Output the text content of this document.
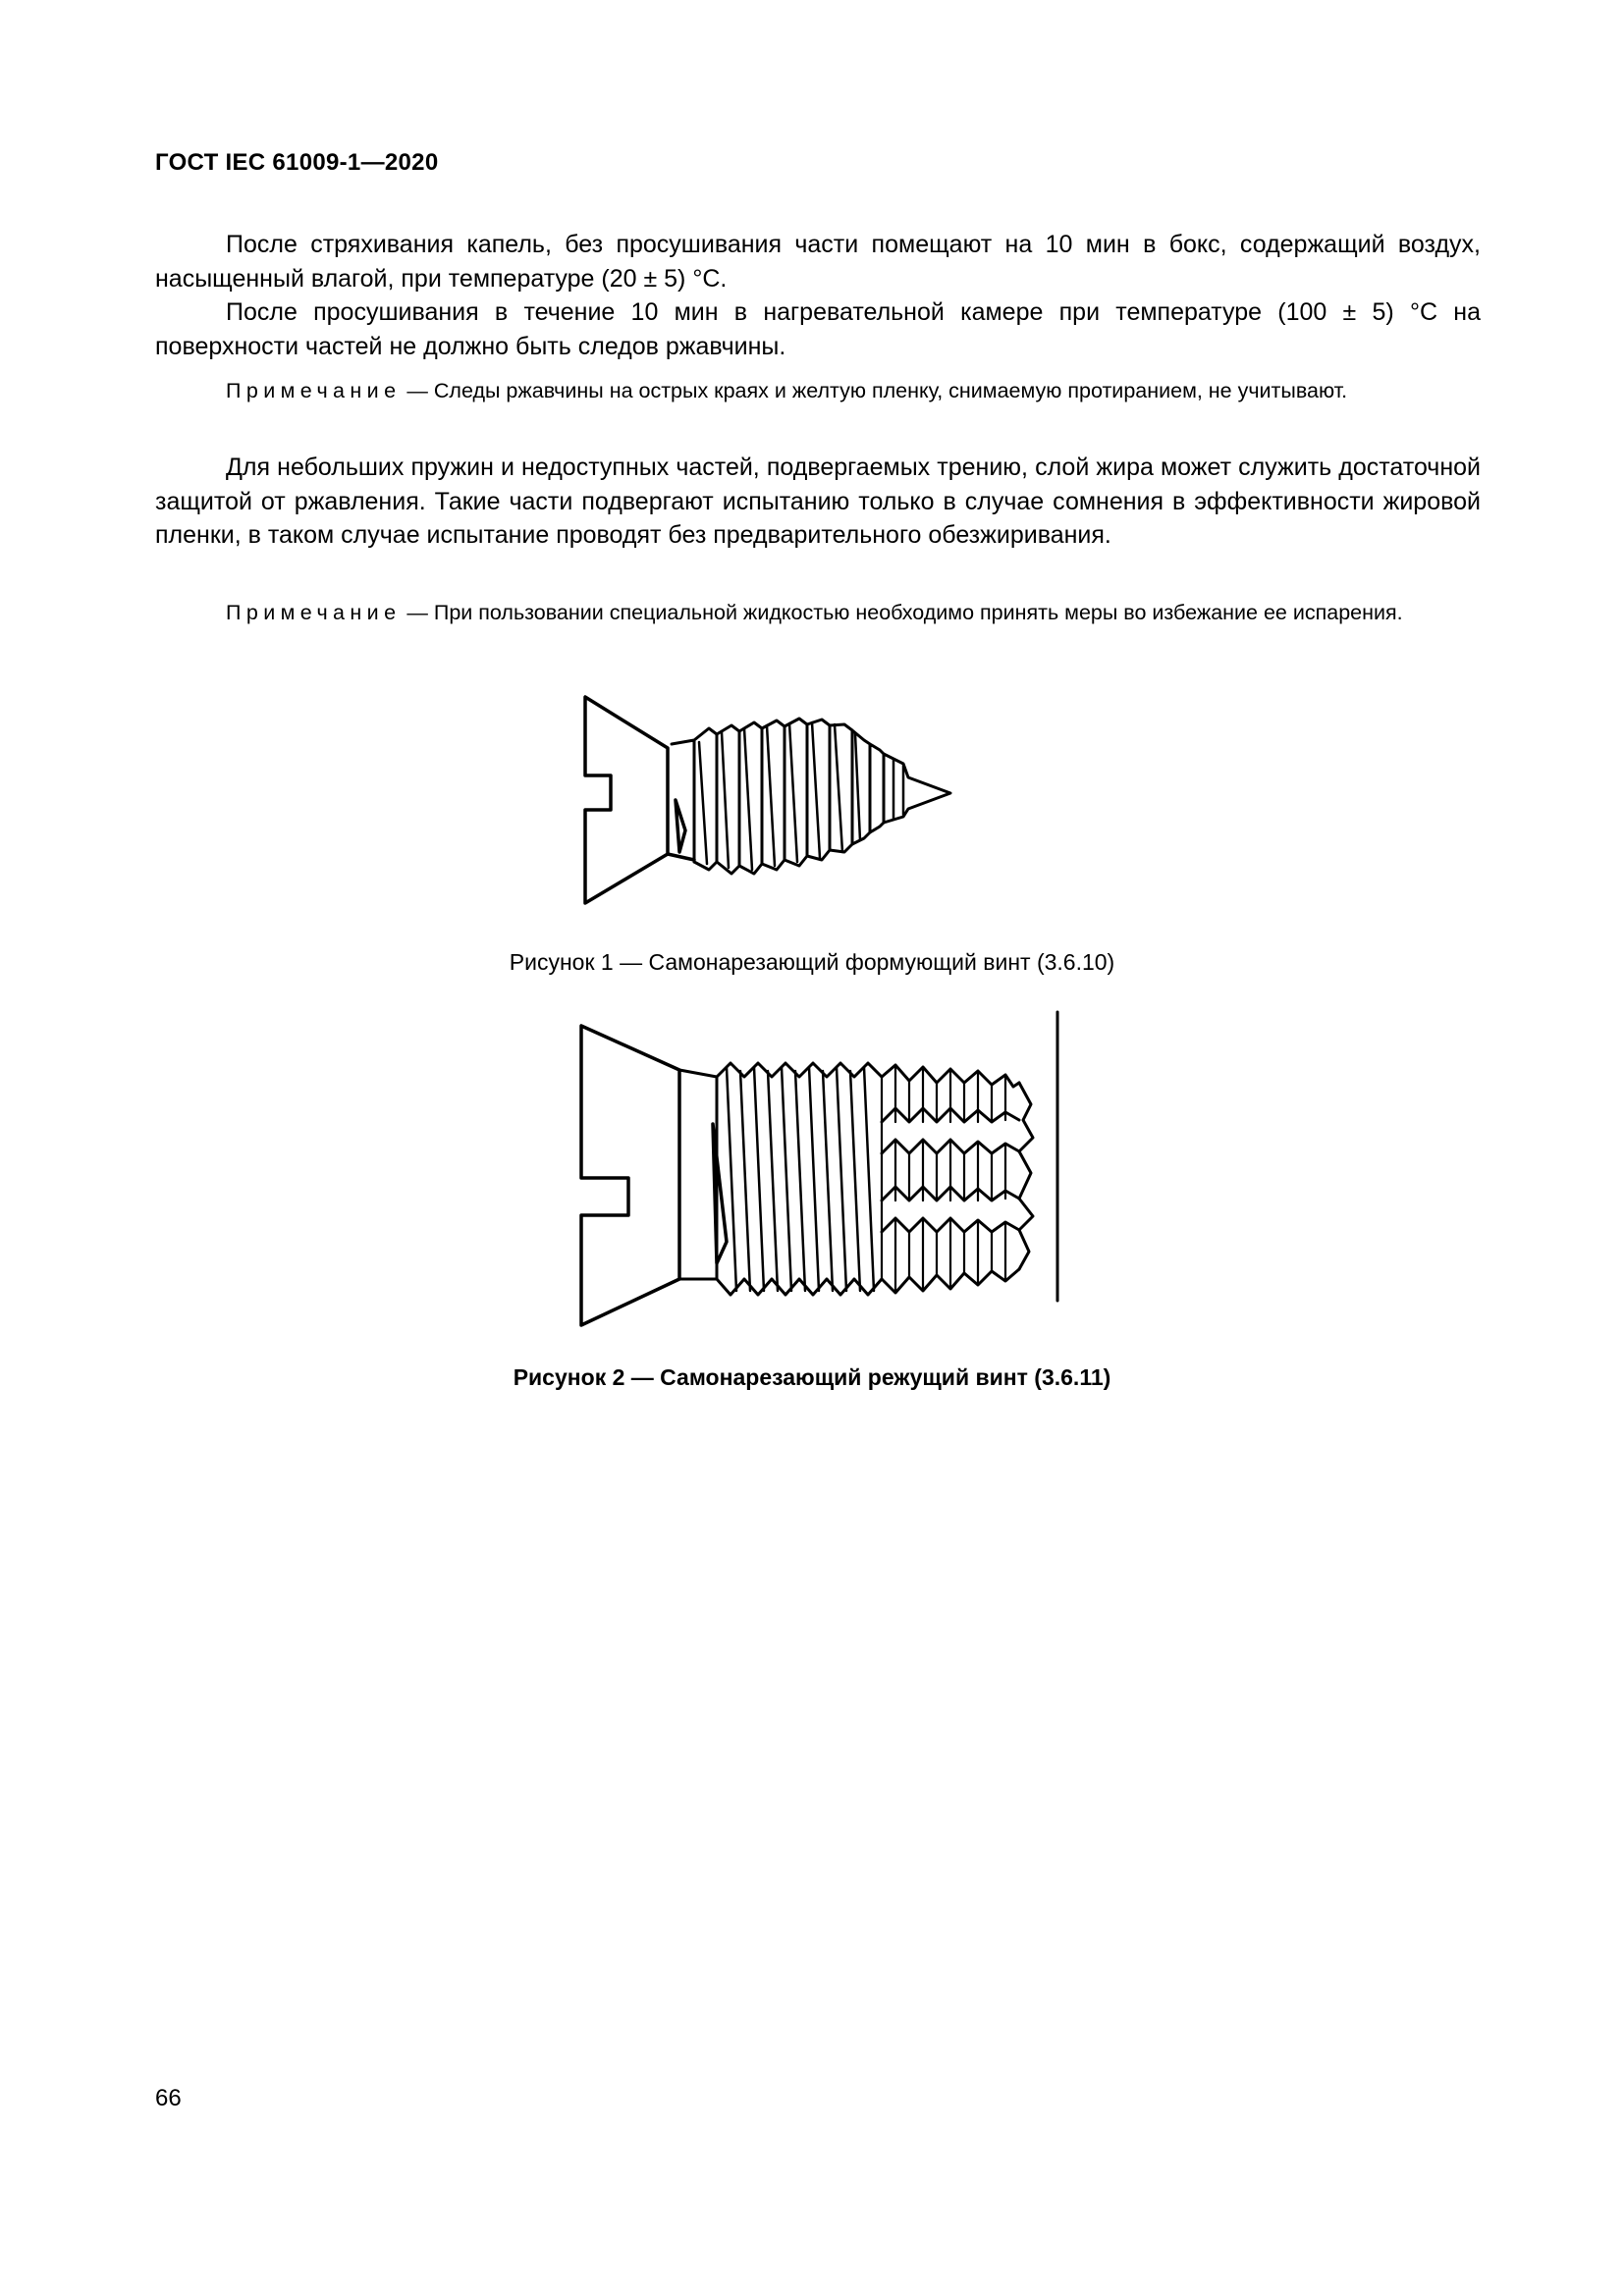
ГОСТ IEC 61009-1—2020

После стряхивания капель, без просушивания части помещают на 10 мин в бокс, содержащий воздух, насыщенный влагой, при температуре (20 ± 5) °С.

После просушивания в течение 10 мин в нагревательной камере при температуре (100 ± 5) °С на поверхности частей не должно быть следов ржавчины.

Примечание — Следы ржавчины на острых краях и желтую пленку, снимаемую протиранием, не учитывают.

Для небольших пружин и недоступных частей, подвергаемых трению, слой жира может служить достаточной защитой от ржавления. Такие части подвергают испытанию только в случае сомнения в эффективности жировой пленки, в таком случае испытание проводят без предварительного обезжиривания.

Примечание — При пользовании специальной жидкостью необходимо принять меры во избежание ее испарения.
Рисунок 1 — Самонарезающий формующий винт (3.6.10)
Рисунок 2 — Самонарезающий режущий винт (3.6.11)
66
